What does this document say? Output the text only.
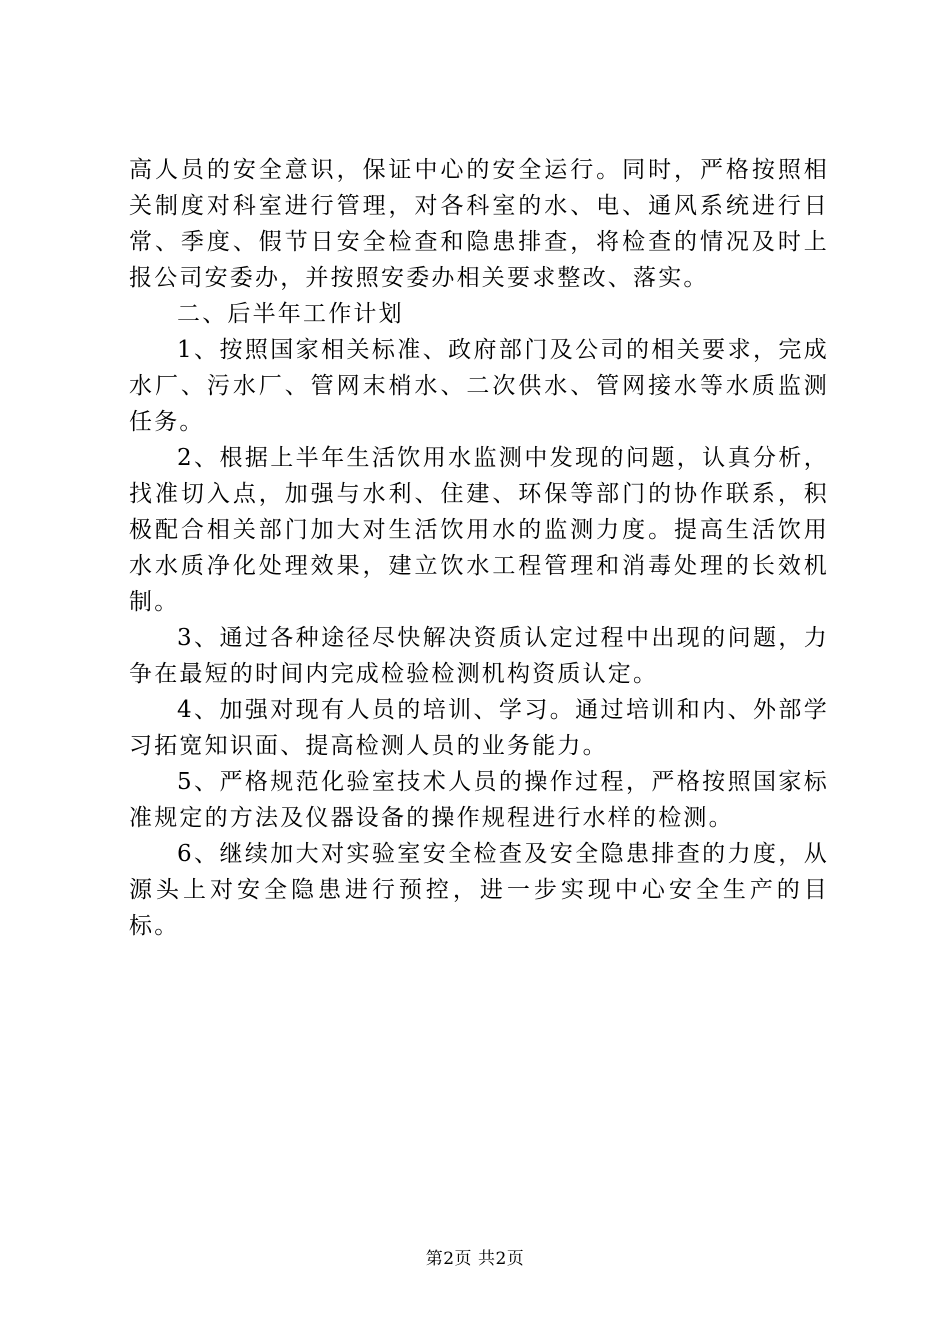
高人员的安全意识，保证中心的安全运行。同时，严格按照相关制度对科室进行管理，对各科室的水、电、通风系统进行日常、季度、假节日安全检查和隐患排查，将检查的情况及时上报公司安委办，并按照安委办相关要求整改、落实。

二、后半年工作计划

1、按照国家相关标准、政府部门及公司的相关要求，完成水厂、污水厂、管网末梢水、二次供水、管网接水等水质监测任务。

2、根据上半年生活饮用水监测中发现的问题，认真分析，找准切入点，加强与水利、住建、环保等部门的协作联系，积极配合相关部门加大对生活饮用水的监测力度。提高生活饮用水水质净化处理效果，建立饮水工程管理和消毒处理的长效机制。

3、通过各种途径尽快解决资质认定过程中出现的问题，力争在最短的时间内完成检验检测机构资质认定。

4、加强对现有人员的培训、学习。通过培训和内、外部学习拓宽知识面、提高检测人员的业务能力。

5、严格规范化验室技术人员的操作过程，严格按照国家标准规定的方法及仪器设备的操作规程进行水样的检测。

6、继续加大对实验室安全检查及安全隐患排查的力度，从源头上对安全隐患进行预控，进一步实现中心安全生产的目标。

第2页 共2页
